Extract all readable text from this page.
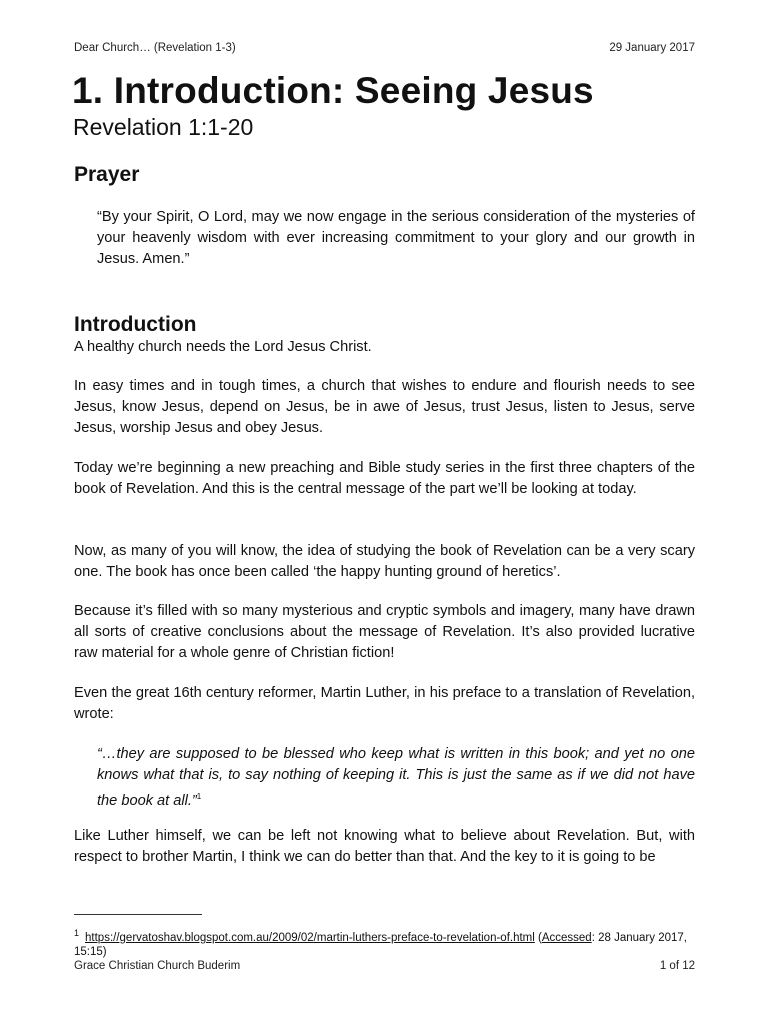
Dear Church… (Revelation 1-3)	29 January 2017
1. Introduction: Seeing Jesus
Revelation 1:1-20
Prayer

“By your Spirit, O Lord, may we now engage in the serious consideration of the mysteries of your heavenly wisdom with ever increasing commitment to your glory and our growth in Jesus. Amen.”

Introduction

A healthy church needs the Lord Jesus Christ.

In easy times and in tough times, a church that wishes to endure and flourish needs to see Jesus, know Jesus, depend on Jesus, be in awe of Jesus, trust Jesus, listen to Jesus, serve Jesus, worship Jesus and obey Jesus.

Today we’re beginning a new preaching and Bible study series in the first three chapters of the book of Revelation. And this is the central message of the part we’ll be looking at today.

Now, as many of you will know, the idea of studying the book of Revelation can be a very scary one. The book has once been called ‘the happy hunting ground of heretics’.

Because it’s filled with so many mysterious and cryptic symbols and imagery, many have drawn all sorts of creative conclusions about the message of Revelation. It’s also provided lucrative raw material for a whole genre of Christian fiction!

Even the great 16th century reformer, Martin Luther, in his preface to a translation of Revelation, wrote:

“…they are supposed to be blessed who keep what is written in this book; and yet no one knows what that is, to say nothing of keeping it. This is just the same as if we did not have the book at all.”$^1$

Like Luther himself, we can be left not knowing what to believe about Revelation. But, with respect to brother Martin, I think we can do better than that. And the key to it is going to be

$^1$ https://gervatoshav.blogspot.com.au/2009/02/martin-luthers-preface-to-revelation-of.html (Accessed: 28 January 2017, 15:15)

Grace Christian Church Buderim	1 of 12
